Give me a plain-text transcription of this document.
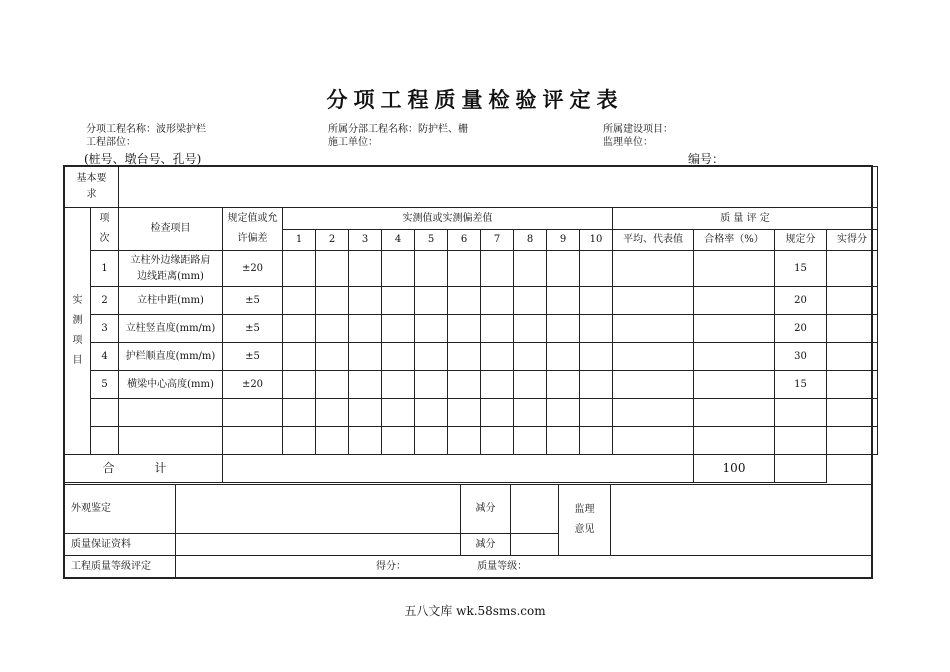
分项工程质量检验评定表
分项工程名称：波形梁护栏	所属分部工程名称：防护栏、栅	所属建设项目：
工程部位：	施工单位：	监理单位：
(桩号、墩台号、孔号)	编号：
基本要求																	
实测项目	项次	检查项目	规定值或允许偏差	实测值或实测偏差值										质 量 评 定			
				1	2	3	4	5	6	7	8	9	10	平均、代表值	合格率（%）	规定分	实得分
	1	立柱外边缘距路肩边线距离(mm)	±20													15	
	2	立柱中距(mm)	±5													20	
	3	立柱竖直度(mm/m)	±5													20	
	4	护栏顺直度(mm/m)	±5													30	
	5	横梁中心高度(mm)	±20													15	

合 计															100		
外观鉴定		减分		监理意见	
质量保证资料		减分			
工程质量等级评定	得分： 质量等级：				
五八文库 wk.58sms.com
